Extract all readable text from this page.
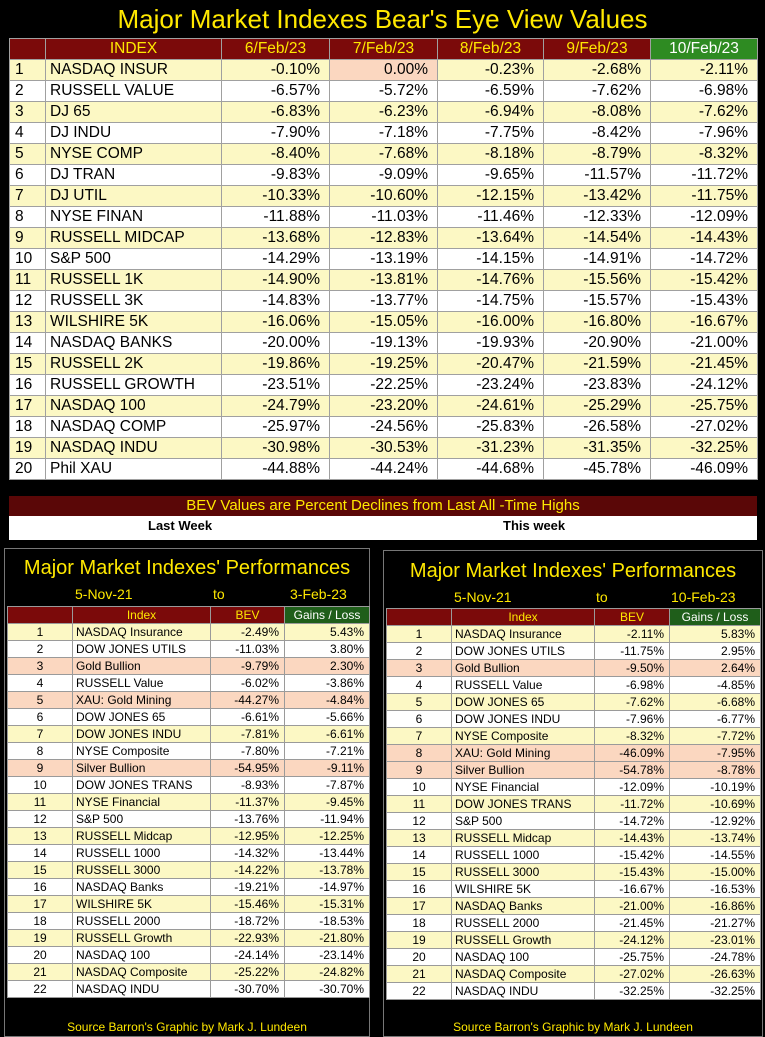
Major Market Indexes Bear's Eye View Values
	INDEX	6/Feb/23	7/Feb/23	8/Feb/23	9/Feb/23	10/Feb/23
1	NASDAQ INSUR	-0.10%	0.00%	-0.23%	-2.68%	-2.11%
2	RUSSELL VALUE	-6.57%	-5.72%	-6.59%	-7.62%	-6.98%
3	DJ 65	-6.83%	-6.23%	-6.94%	-8.08%	-7.62%
4	DJ INDU	-7.90%	-7.18%	-7.75%	-8.42%	-7.96%
5	NYSE COMP	-8.40%	-7.68%	-8.18%	-8.79%	-8.32%
6	DJ TRAN	-9.83%	-9.09%	-9.65%	-11.57%	-11.72%
7	DJ UTIL	-10.33%	-10.60%	-12.15%	-13.42%	-11.75%
8	NYSE FINAN	-11.88%	-11.03%	-11.46%	-12.33%	-12.09%
9	RUSSELL MIDCAP	-13.68%	-12.83%	-13.64%	-14.54%	-14.43%
10	S&P 500	-14.29%	-13.19%	-14.15%	-14.91%	-14.72%
11	RUSSELL 1K	-14.90%	-13.81%	-14.76%	-15.56%	-15.42%
12	RUSSELL 3K	-14.83%	-13.77%	-14.75%	-15.57%	-15.43%
13	WILSHIRE 5K	-16.06%	-15.05%	-16.00%	-16.80%	-16.67%
14	NASDAQ BANKS	-20.00%	-19.13%	-19.93%	-20.90%	-21.00%
15	RUSSELL 2K	-19.86%	-19.25%	-20.47%	-21.59%	-21.45%
16	RUSSELL GROWTH	-23.51%	-22.25%	-23.24%	-23.83%	-24.12%
17	NASDAQ 100	-24.79%	-23.20%	-24.61%	-25.29%	-25.75%
18	NASDAQ COMP	-25.97%	-24.56%	-25.83%	-26.58%	-27.02%
19	NASDAQ INDU	-30.98%	-30.53%	-31.23%	-31.35%	-32.25%
20	Phil XAU	-44.88%	-44.24%	-44.68%	-45.78%	-46.09%
BEV Values are Percent Declines from Last All -Time Highs
Last Week	This week
Major Market Indexes' Performances
5-Nov-21	to	3-Feb-23
	Index	BEV	Gains / Loss
1	NASDAQ Insurance	-2.49%	5.43%
2	DOW JONES UTILS	-11.03%	3.80%
3	Gold Bullion	-9.79%	2.30%
4	RUSSELL Value	-6.02%	-3.86%
5	XAU: Gold Mining	-44.27%	-4.84%
6	DOW JONES 65	-6.61%	-5.66%
7	DOW JONES INDU	-7.81%	-6.61%
8	NYSE Composite	-7.80%	-7.21%
9	Silver Bullion	-54.95%	-9.11%
10	DOW JONES TRANS	-8.93%	-7.87%
11	NYSE Financial	-11.37%	-9.45%
12	S&P 500	-13.76%	-11.94%
13	RUSSELL Midcap	-12.95%	-12.25%
14	RUSSELL 1000	-14.32%	-13.44%
15	RUSSELL 3000	-14.22%	-13.78%
16	NASDAQ Banks	-19.21%	-14.97%
17	WILSHIRE 5K	-15.46%	-15.31%
18	RUSSELL 2000	-18.72%	-18.53%
19	RUSSELL Growth	-22.93%	-21.80%
20	NASDAQ 100	-24.14%	-23.14%
21	NASDAQ Composite	-25.22%	-24.82%
22	NASDAQ INDU	-30.70%	-30.70%
Source Barron's Graphic by Mark J. Lundeen
Major Market Indexes' Performances
5-Nov-21	to	10-Feb-23
	Index	BEV	Gains / Loss
1	NASDAQ Insurance	-2.11%	5.83%
2	DOW JONES UTILS	-11.75%	2.95%
3	Gold Bullion	-9.50%	2.64%
4	RUSSELL Value	-6.98%	-4.85%
5	DOW JONES 65	-7.62%	-6.68%
6	DOW JONES INDU	-7.96%	-6.77%
7	NYSE Composite	-8.32%	-7.72%
8	XAU: Gold Mining	-46.09%	-7.95%
9	Silver Bullion	-54.78%	-8.78%
10	NYSE Financial	-12.09%	-10.19%
11	DOW JONES TRANS	-11.72%	-10.69%
12	S&P 500	-14.72%	-12.92%
13	RUSSELL Midcap	-14.43%	-13.74%
14	RUSSELL 1000	-15.42%	-14.55%
15	RUSSELL 3000	-15.43%	-15.00%
16	WILSHIRE 5K	-16.67%	-16.53%
17	NASDAQ Banks	-21.00%	-16.86%
18	RUSSELL 2000	-21.45%	-21.27%
19	RUSSELL Growth	-24.12%	-23.01%
20	NASDAQ 100	-25.75%	-24.78%
21	NASDAQ Composite	-27.02%	-26.63%
22	NASDAQ INDU	-32.25%	-32.25%
Source Barron's Graphic by Mark J. Lundeen
